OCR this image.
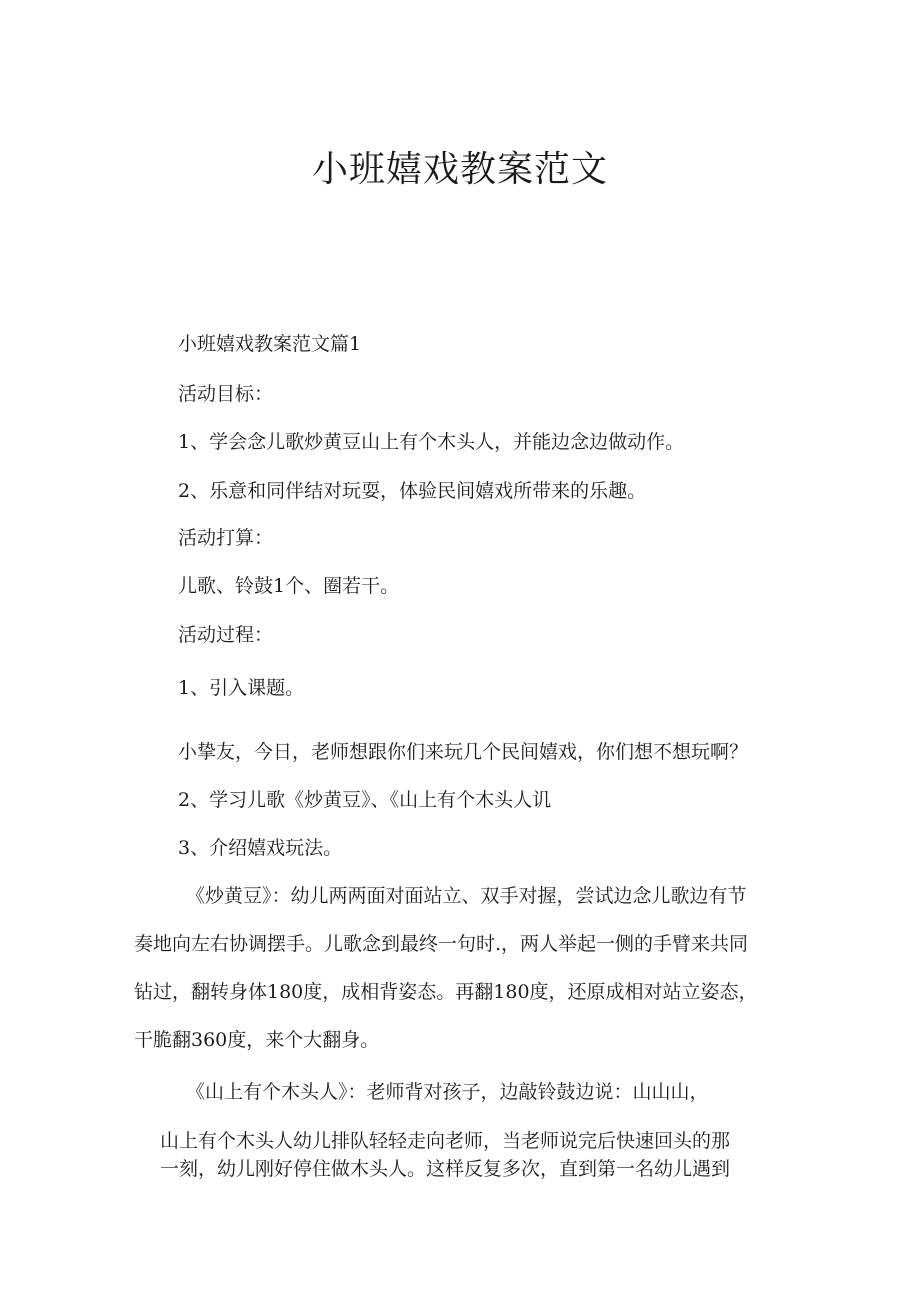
小班嬉戏教案范文
小班嬉戏教案范文篇1
活动目标：
1、学会念儿歌炒黄豆山上有个木头人，并能边念边做动作。
2、乐意和同伴结对玩耍，体验民间嬉戏所带来的乐趣。
活动打算：
儿歌、铃鼓1个、圈若干。
活动过程：
1、引入课题。
小挚友，今日，老师想跟你们来玩几个民间嬉戏，你们想不想玩啊？
2、学习儿歌《炒黄豆》、《山上有个木头人讥
3、介绍嬉戏玩法。
《炒黄豆》：幼儿两两面对面站立、双手对握，尝试边念儿歌边有节
奏地向左右协调摆手。儿歌念到最终一句时.，两人举起一侧的手臂来共同
钻过，翻转身体180度，成相背姿态。再翻180度，还原成相对站立姿态，
干脆翻360度，来个大翻身。
《山上有个木头人》：老师背对孩子，边敲铃鼓边说：山山山，
山上有个木头人幼儿排队轻轻走向老师，当老师说完后快速回头的那
一刻，幼儿刚好停住做木头人。这样反复多次，直到第一名幼儿遇到
